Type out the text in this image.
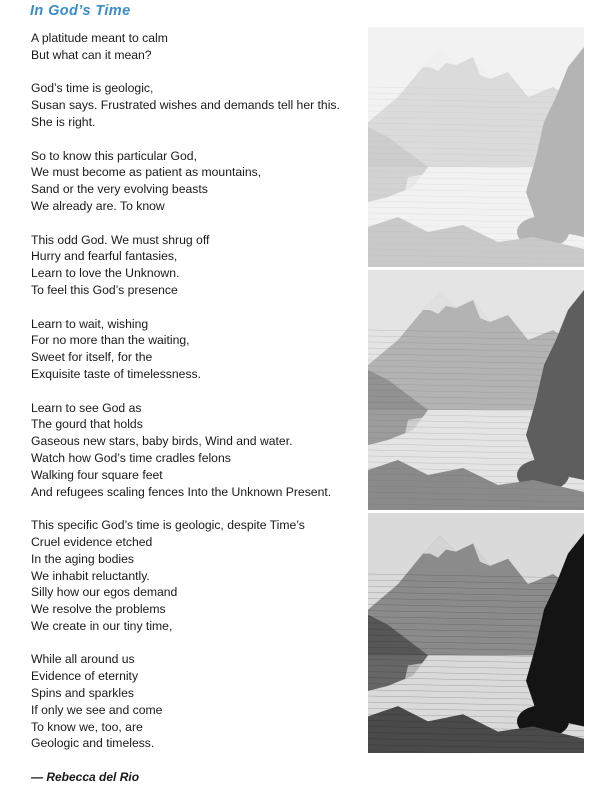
In God’s Time
A platitude meant to calm
But what can it mean?
God’s time is geologic,
Susan says. Frustrated wishes and demands tell her this.
She is right.
So to know this particular God,
We must become as patient as mountains,
Sand or the very evolving beasts
We already are. To know
This odd God. We must shrug off
Hurry and fearful fantasies,
Learn to love the Unknown.
To feel this God’s presence
Learn to wait, wishing
For no more than the waiting,
Sweet for itself, for the
Exquisite taste of timelessness.
Learn to see God as
The gourd that holds
Gaseous new stars, baby birds, Wind and water.
Watch how God’s time cradles felons
Walking four square feet
And refugees scaling fences Into the Unknown Present.
This specific God’s time is geologic, despite Time’s
Cruel evidence etched
In the aging bodies
We inhabit reluctantly.
Silly how our egos demand
We resolve the problems
We create in our tiny time,
While all around us
Evidence of eternity
Spins and sparkles
If only we see and come
To know we, too, are
Geologic and timeless.
— Rebecca del Rio
